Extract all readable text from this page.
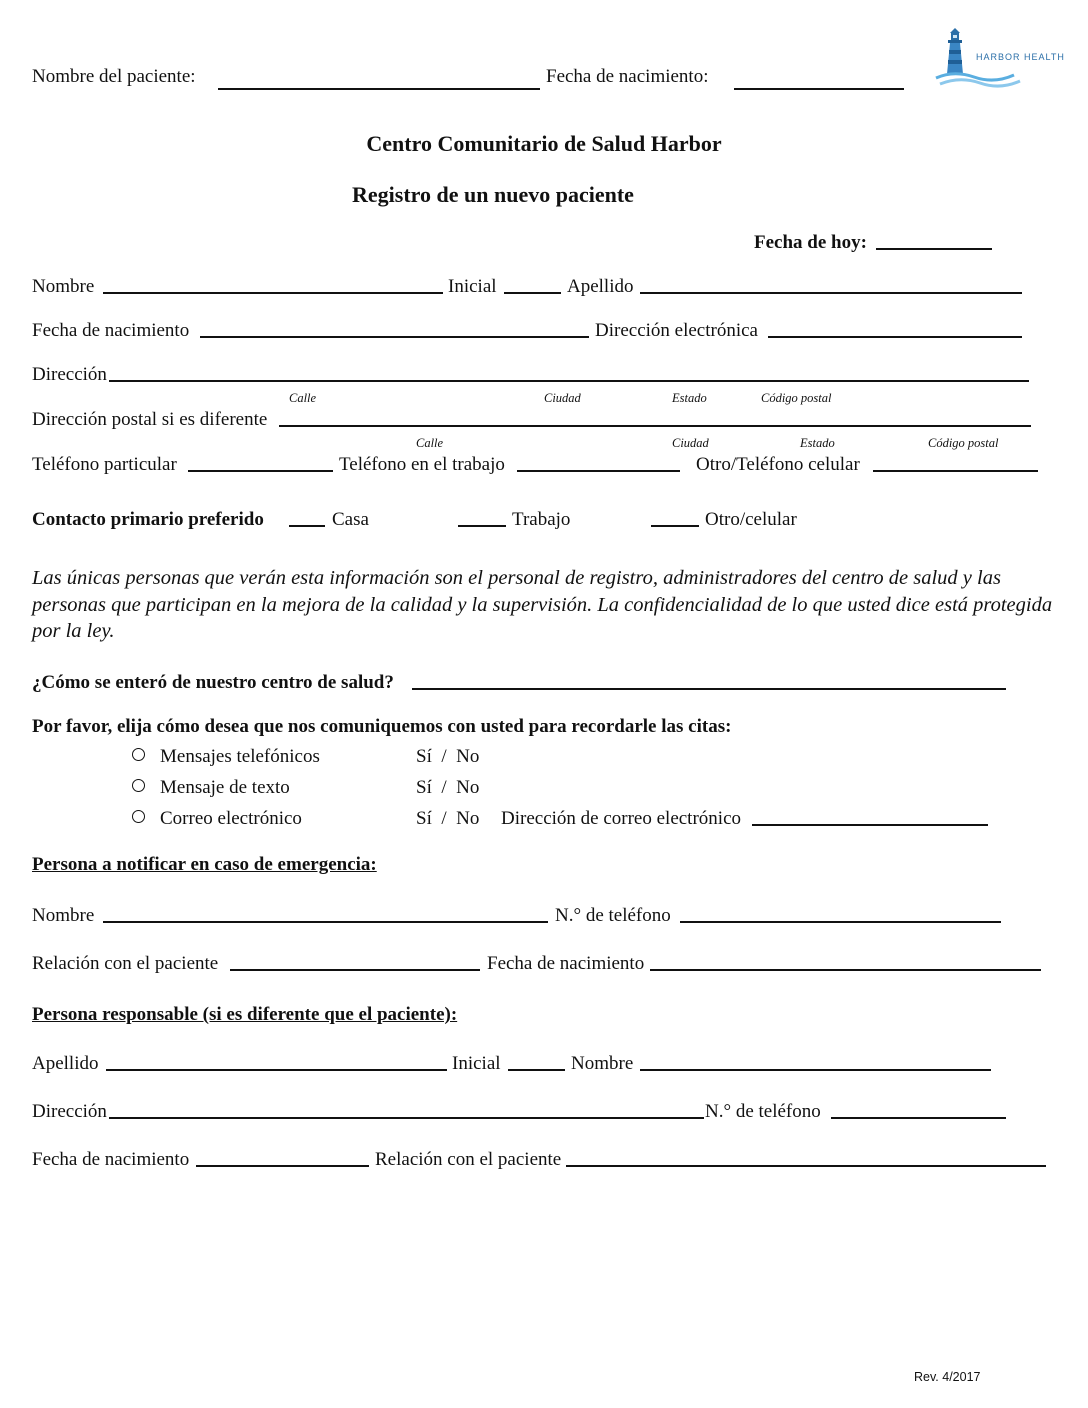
Nombre del paciente:	Fecha de nacimiento:
HARBOR HEALTH
Centro Comunitario de Salud Harbor
Registro de un nuevo paciente
Fecha de hoy:
Nombre	Inicial	Apellido
Fecha de nacimiento	Dirección electrónica
Dirección
Calle	Ciudad	Estado	Código postal
Dirección postal si es diferente
Calle	Ciudad	Estado	Código postal
Teléfono particular	Teléfono en el trabajo	Otro/Teléfono celular
Contacto primario preferido	Casa	Trabajo	Otro/celular
Las únicas personas que verán esta información son el personal de registro, administradores del centro de salud y las personas que participan en la mejora de la calidad y la supervisión. La confidencialidad de lo que usted dice está protegida por la ley.
¿Cómo se enteró de nuestro centro de salud?
Por favor, elija cómo desea que nos comuniquemos con usted para recordarle las citas:
Mensajes telefónicos	Sí  /  No
Mensaje de texto	Sí  /  No
Correo electrónico	Sí  /  No Dirección de correo electrónico
Persona a notificar en caso de emergencia:
Nombre	N.° de teléfono
Relación con el paciente	Fecha de nacimiento
Persona responsable (si es diferente que el paciente):
Apellido	Inicial	Nombre
Dirección	N.° de teléfono
Fecha de nacimiento	Relación con el paciente
Rev. 4/2017
